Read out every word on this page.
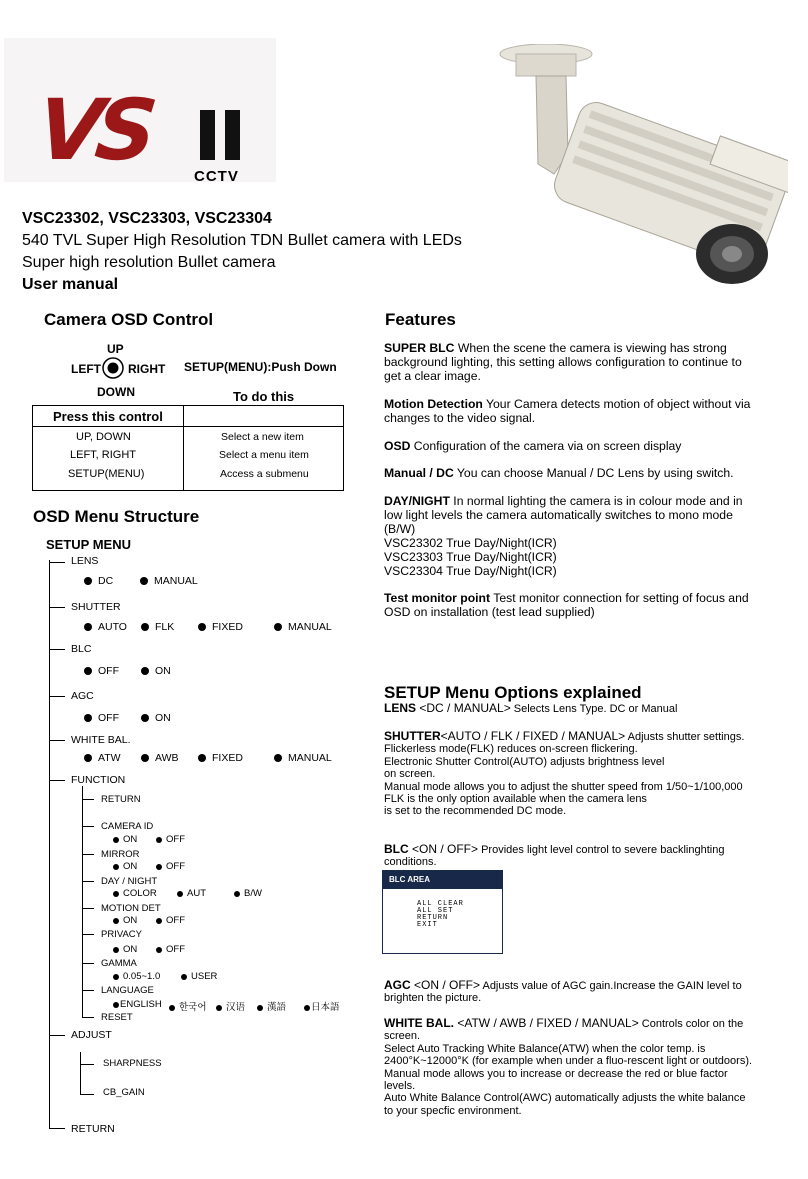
VS	CCTV
VSC23302, VSC23303, VSC23304
540 TVL Super High Resolution TDN Bullet camera with LEDs
Super high resolution Bullet camera
User manual
Camera OSD Control
UP
LEFT RIGHT
DOWN
SETUP(MENU):Push Down
To do this
Press this control
UP, DOWN	Select a new item
LEFT, RIGHT	Select a menu item
SETUP(MENU)	Access a submenu
OSD Menu Structure
SETUP MENU
LENS
DC	MANUAL
SHUTTER
AUTO	FLK	FIXED	MANUAL
BLC
OFF	ON
AGC
OFF	ON
WHITE BAL.
ATW	AWB	FIXED	MANUAL
FUNCTION
RETURN
CAMERA ID
ON	OFF
MIRROR
ON	OFF
DAY / NIGHT
COLOR	AUT	B/W
MOTION DET
ON	OFF
PRIVACY
ON	OFF
GAMMA
0.05~1.0	USER
LANGUAGE
ENGLISH	한국어	汉语	漢語	日本語
RESET
ADJUST
SHARPNESS
CB_GAIN
RETURN
Features
SUPER BLC When the scene the camera is viewing has strong background lighting, this setting allows configuration to continue to get a clear image.
Motion Detection Your Camera detects motion of object without via changes to the video signal.
OSD Configuration of the camera via on screen display
Manual / DC You can choose Manual / DC Lens by using switch.
DAY/NIGHT In normal lighting the camera is in colour mode and in low light levels the camera automatically switches to mono mode (B/W)
VSC23302 True Day/Night(ICR)
VSC23303 True Day/Night(ICR)
VSC23304 True Day/Night(ICR)
Test monitor point Test monitor connection for setting of focus and OSD on installation (test lead supplied)
SETUP Menu Options explained
LENS <DC / MANUAL> Selects Lens Type. DC or Manual
SHUTTER<AUTO / FLK / FIXED / MANUAL> Adjusts shutter settings.
Flickerless mode(FLK) reduces on-screen flickering.
Electronic Shutter Control(AUTO) adjusts brightness level
on screen.
Manual mode allows you to adjust the shutter speed from 1/50~1/100,000
FLK is the only option available when the camera lens
is set to the recommended DC mode.
BLC <ON / OFF> Provides light level control to severe backlinghting conditions.
BLC AREA
ALL CLEAR
ALL SET
RETURN
EXIT
AGC <ON / OFF> Adjusts value of AGC gain.Increase the GAIN level to brighten the picture.
WHITE BAL. <ATW / AWB / FIXED / MANUAL> Controls color on the screen.
Select Auto Tracking White Balance(ATW) when the color temp. is
2400°K~12000°K (for example when under a fluo-rescent light or outdoors).
Manual mode allows you to increase or decrease the red or blue factor levels.
Auto White Balance Control(AWC) automatically adjusts the white balance
to your specfic environment.
